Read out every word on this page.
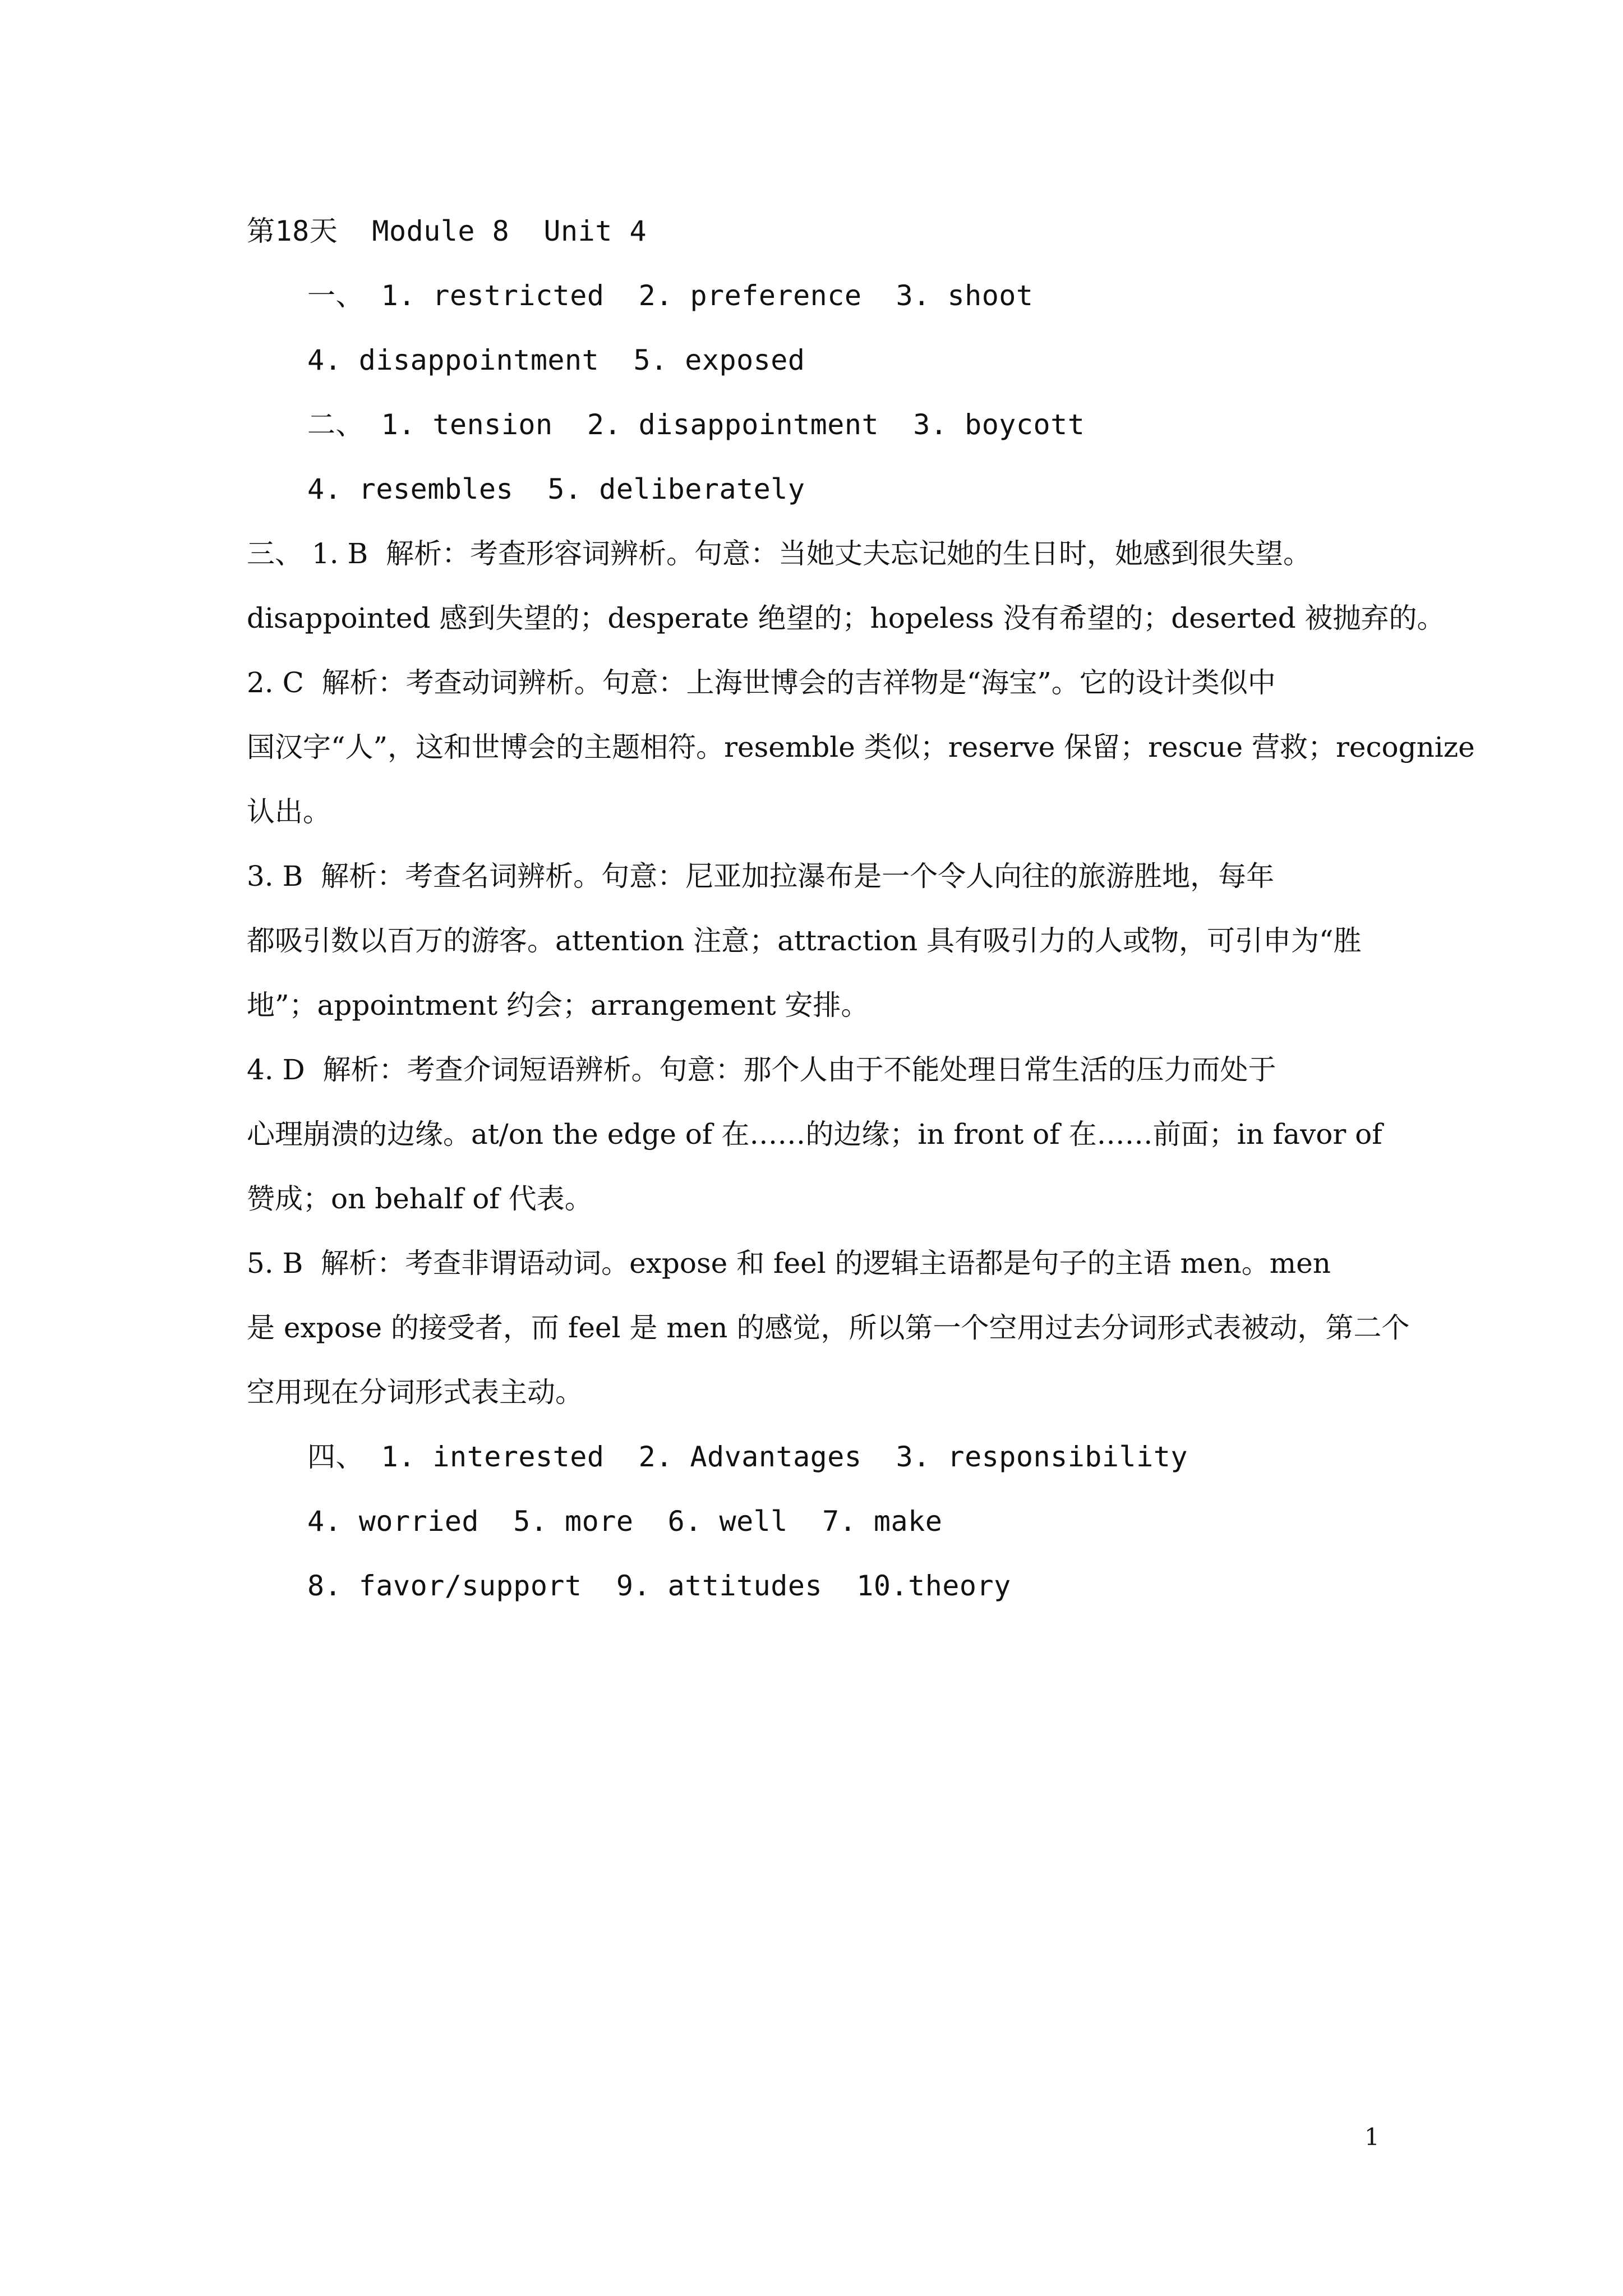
第18天  Module 8  Unit 4
一、 1. restricted  2. preference  3. shoot
4. disappointment  5. exposed
二、 1. tension  2. disappointment  3. boycott
4. resembles  5. deliberately
三、 1. B  解析：考查形容词辨析。句意：当她丈夫忘记她的生日时，她感到很失望。
disappointed 感到失望的；desperate 绝望的；hopeless 没有希望的；deserted 被抛弃的。
2. C  解析：考查动词辨析。句意：上海世博会的吉祥物是“海宝”。它的设计类似中
国汉字“人”，这和世博会的主题相符。resemble 类似；reserve 保留；rescue 营救；recognize
认出。
3. B  解析：考查名词辨析。句意：尼亚加拉瀑布是一个令人向往的旅游胜地，每年
都吸引数以百万的游客。attention 注意；attraction 具有吸引力的人或物，可引申为“胜
地”；appointment 约会；arrangement 安排。
4. D  解析：考查介词短语辨析。句意：那个人由于不能处理日常生活的压力而处于
心理崩溃的边缘。at/on the edge of 在……的边缘；in front of 在……前面；in favor of
赞成；on behalf of 代表。
5. B  解析：考查非谓语动词。expose 和 feel 的逻辑主语都是句子的主语 men。men
是 expose 的接受者，而 feel 是 men 的感觉，所以第一个空用过去分词形式表被动，第二个
空用现在分词形式表主动。
四、 1. interested  2. Advantages  3. responsibility
4. worried  5. more  6. well  7. make
8. favor/support  9. attitudes  10.theory
1
